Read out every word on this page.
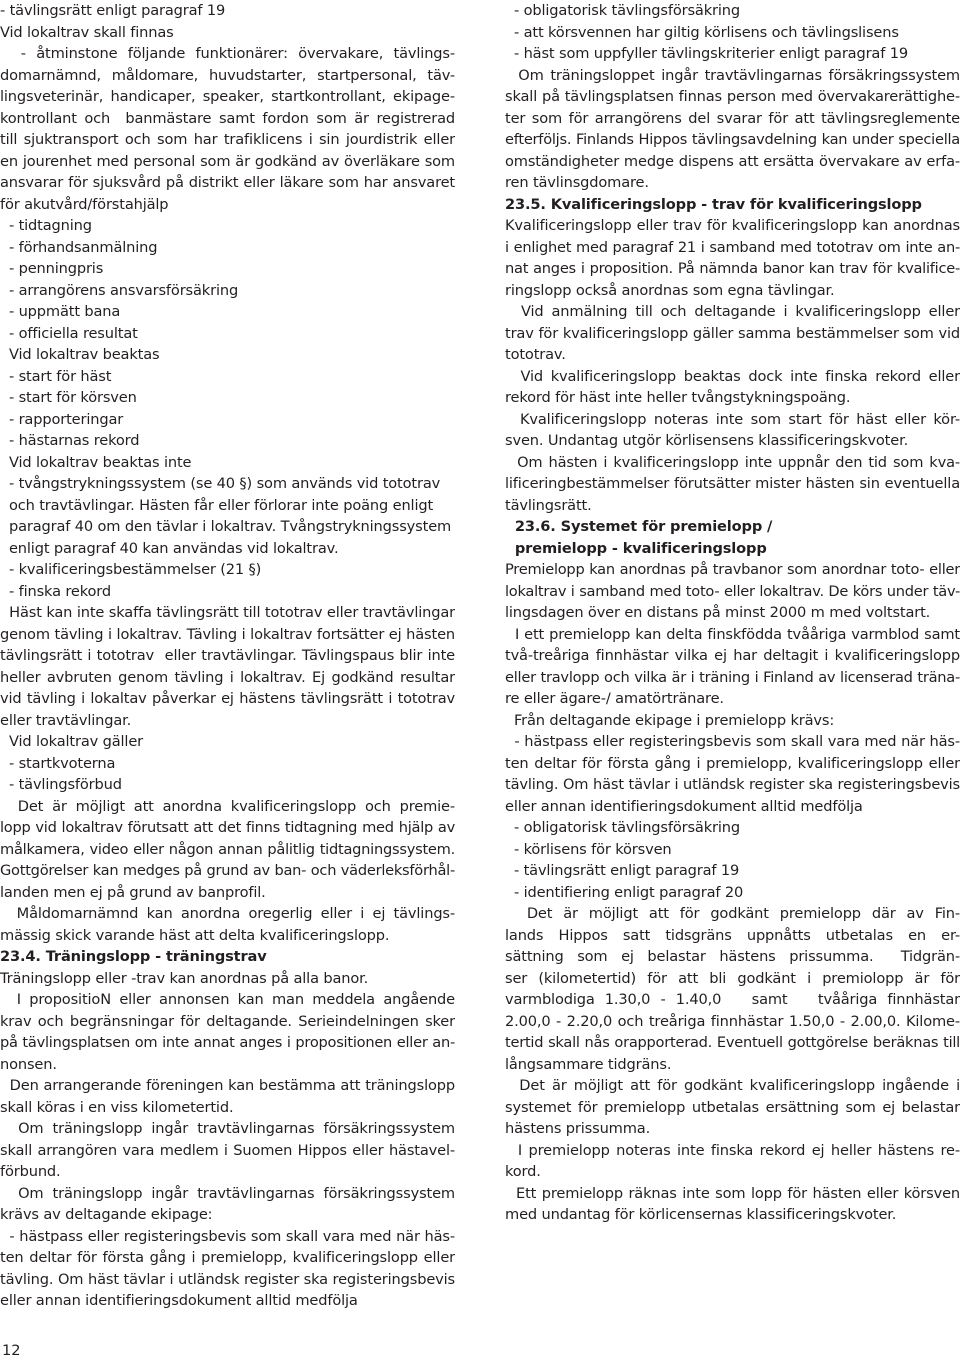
- tävlingsrätt enligt paragraf 19
Vid lokaltrav skall finnas
- åtminstone följande funktionärer: övervakare, tävlings-
domarnämnd, måldomare, huvudstarter, startpersonal, täv-
lingsveterinär, handicaper, speaker, startkontrollant, ekipage-
kontrollant och  banmästare samt fordon som är registrerad
till sjuktransport och som har trafiklicens i sin jourdistrik eller
en jourenhet med personal som är godkänd av överläkare som
ansvarar för sjuksvård på distrikt eller läkare som har ansvaret
för akutvård/förstahjälp
- tidtagning
- förhandsanmälning
- penningpris
- arrangörens ansvarsförsäkring
- uppmätt bana
- officiella resultat
Vid lokaltrav beaktas
- start för häst
- start för körsven
- rapporteringar
- hästarnas rekord
Vid lokaltrav beaktas inte
- tvångstrykningssystem (se 40 §) som används vid tototrav
och travtävlingar. Hästen får eller förlorar inte poäng enligt
paragraf 40 om den tävlar i lokaltrav. Tvångstrykningssystem
enligt paragraf 40 kan användas vid lokaltrav.
- kvalificeringsbestämmelser (21 §)
- finska rekord
Häst kan inte skaffa tävlingsrätt till tototrav eller travtävlingar
genom tävling i lokaltrav. Tävling i lokaltrav fortsätter ej hästen
tävlingsrätt i tototrav  eller travtävlingar. Tävlingspaus blir inte
heller avbruten genom tävling i lokaltrav. Ej godkänd resultar
vid tävling i lokaltav påverkar ej hästens tävlingsrätt i tototrav
eller travtävlingar.
Vid lokaltrav gäller
- startkvoterna
- tävlingsförbud
Det är möjligt att anordna kvalificeringslopp och premie-
lopp vid lokaltrav förutsatt att det finns tidtagning med hjälp av
målkamera, video eller någon annan pålitlig tidtagningssystem.
Gottgörelser kan medges på grund av ban- och väderleksförhål-
landen men ej på grund av banprofil.
Måldomarnämnd kan anordna oregerlig eller i ej tävlings-
mässig skick varande häst att delta kvalificeringslopp.
23.4. Träningslopp - träningstrav
Träningslopp eller -trav kan anordnas på alla banor.
I propositioN eller annonsen kan man meddela angående
krav och begränsningar för deltagande. Serieindelningen sker
på tävlingsplatsen om inte annat anges i propositionen eller an-
nonsen.
Den arrangerande föreningen kan bestämma att träningslopp
skall köras i en viss kilometertid.
Om träningslopp ingår travtävlingarnas försäkringssystem
skall arrangören vara medlem i Suomen Hippos eller hästavel-
förbund.
Om träningslopp ingår travtävlingarnas försäkringssystem
krävs av deltagande ekipage:
- hästpass eller registeringsbevis som skall vara med när häs-
ten deltar för första gång i premielopp, kvalificeringslopp eller
tävling. Om häst tävlar i utländsk register ska registeringsbevis
eller annan identifieringsdokument alltid medfölja
- obligatorisk tävlingsförsäkring
- att körsvennen har giltig körlisens och tävlingslisens
- häst som uppfyller tävlingskriterier enligt paragraf 19
Om träningsloppet ingår travtävlingarnas försäkringssystem
skall på tävlingsplatsen finnas person med övervakarerättighe-
ter som för arrangörens del svarar för att tävlingsreglemente
efterföljs. Finlands Hippos tävlingsavdelning kan under speciella
omständigheter medge dispens att ersätta övervakare av erfa-
ren tävlinsgdomare.
23.5. Kvalificeringslopp - trav för kvalificeringslopp
Kvalificeringslopp eller trav för kvalificeringslopp kan anordnas
i enlighet med paragraf 21 i samband med tototrav om inte an-
nat anges i proposition. På nämnda banor kan trav för kvalifice-
ringslopp också anordnas som egna tävlingar.
Vid anmälning till och deltagande i kvalificeringslopp eller
trav för kvalificeringslopp gäller samma bestämmelser som vid
tototrav.
Vid kvalificeringslopp beaktas dock inte finska rekord eller
rekord för häst inte heller tvångstykningspoäng.
Kvalificeringslopp noteras inte som start för häst eller kör-
sven. Undantag utgör körlisensens klassificeringskvoter.
Om hästen i kvalificeringslopp inte uppnår den tid som kva-
lificeringbestämmelser förutsätter mister hästen sin eventuella
tävlingsrätt.
23.6. Systemet för premielopp /
premielopp - kvalificeringslopp
Premielopp kan anordnas på travbanor som anordnar toto- eller
lokaltrav i samband med toto- eller lokaltrav. De körs under täv-
lingsdagen över en distans på minst 2000 m med voltstart.
I ett premielopp kan delta finskfödda tvååriga varmblod samt
två-treåriga finnhästar vilka ej har deltagit i kvalificeringslopp
eller travlopp och vilka är i träning i Finland av licenserad träna-
re eller ägare-/ amatörtränare.
Från deltagande ekipage i premielopp krävs:
- hästpass eller registeringsbevis som skall vara med när häs-
ten deltar för första gång i premielopp, kvalificeringslopp eller
tävling. Om häst tävlar i utländsk register ska registeringsbevis
eller annan identifieringsdokument alltid medfölja
- obligatorisk tävlingsförsäkring
- körlisens för körsven
- tävlingsrätt enligt paragraf 19
- identifiering enligt paragraf 20
Det är möjligt att för godkänt premielopp där av Fin-
lands  Hippos  satt  tidsgräns  uppnåtts  utbetalas  en  er-
sättning  som  ej  belastar  hästens  prissumma.    Tidgrän-
ser (kilometertid) för att bli godkänt i premiolopp är för
varmblodiga 1.30,0 - 1.40,0   samt   tvååriga finnhästar
2.00,0 - 2.20,0 och treåriga finnhästar 1.50,0 - 2.00,0. Kilome-
tertid skall nås orapporterad. Eventuell gottgörelse beräknas till
långsammare tidgräns.
Det är möjligt att för godkänt kvalificeringslopp ingående i
systemet för premielopp utbetalas ersättning som ej belastar
hästens prissumma.
I premielopp noteras inte finska rekord ej heller hästens re-
kord.
Ett premielopp räknas inte som lopp för hästen eller körsven
med undantag för körlicensernas klassificeringskvoter.
12
